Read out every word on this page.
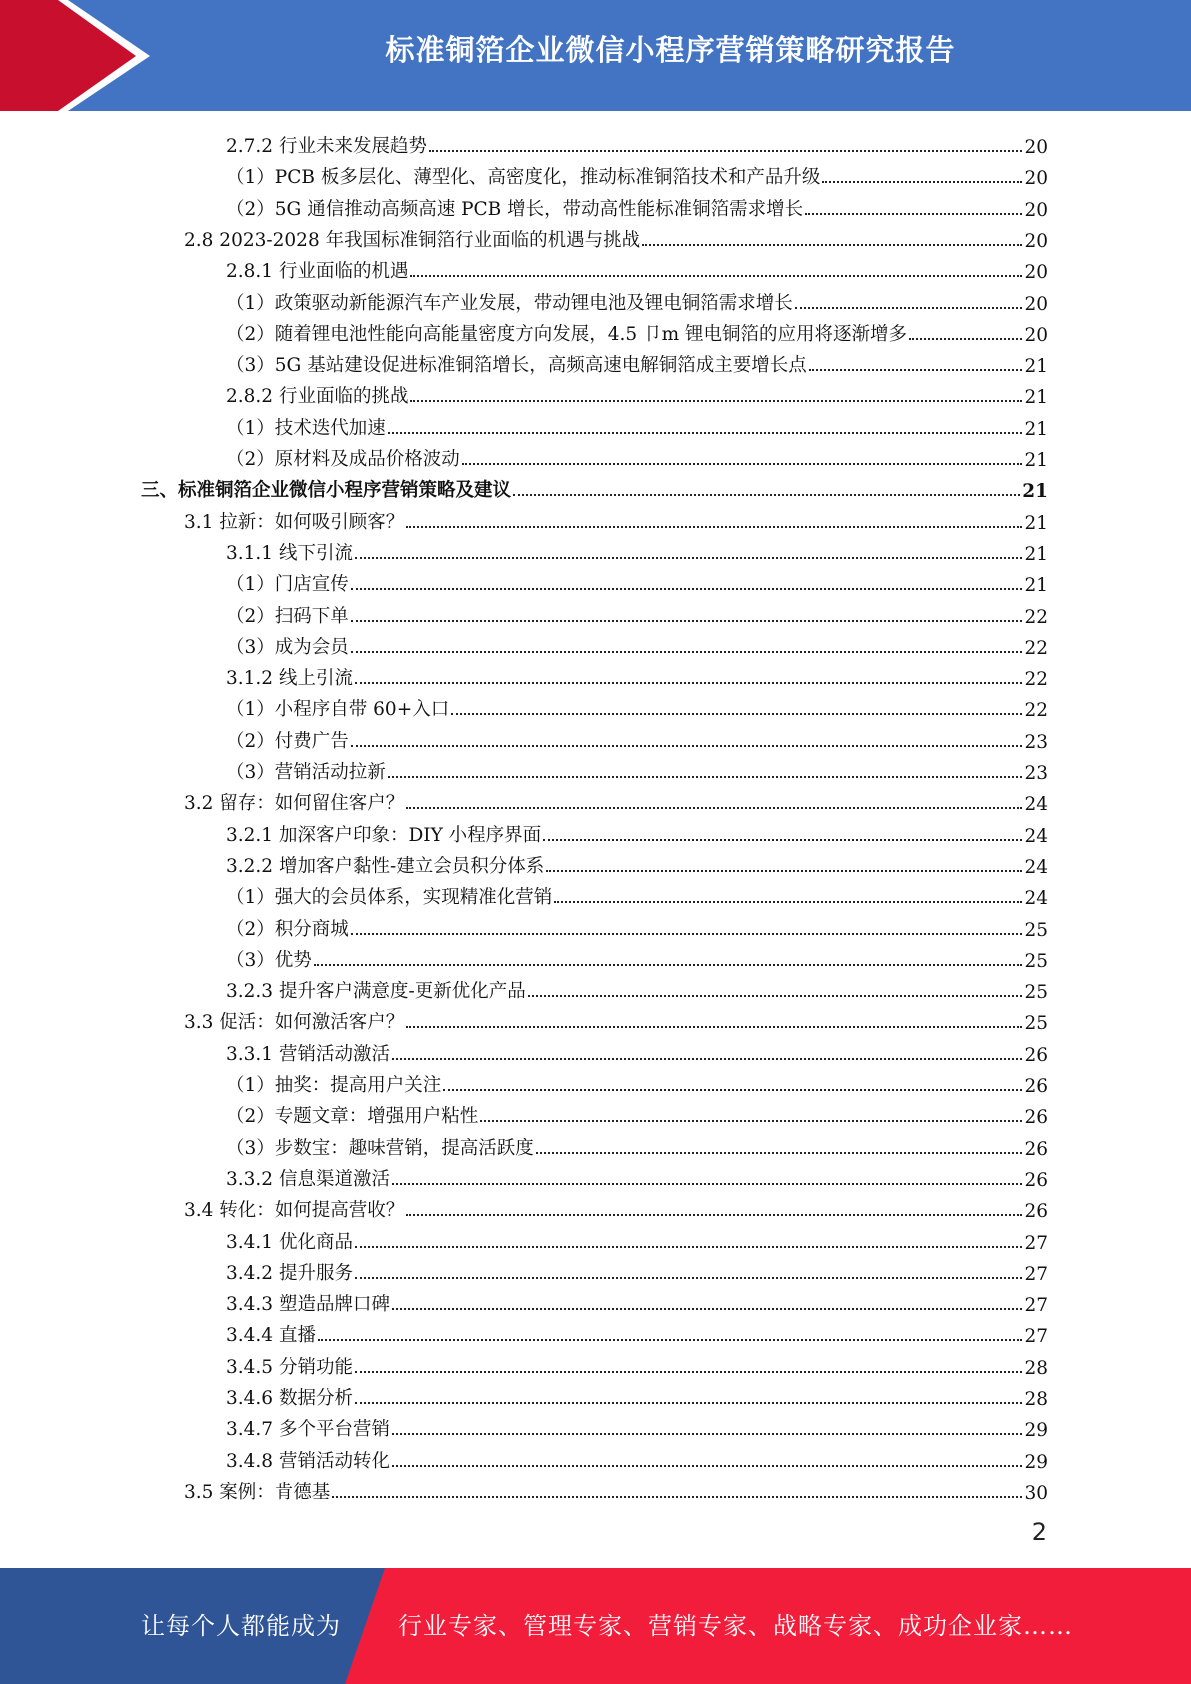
标准铜箔企业微信小程序营销策略研究报告
2.7.2 行业未来发展趋势	20
（1）PCB 板多层化、薄型化、高密度化，推动标准铜箔技术和产品升级	20
（2）5G 通信推动高频高速 PCB 增长，带动高性能标准铜箔需求增长	20
2.8 2023-2028 年我国标准铜箔行业面临的机遇与挑战	20
2.8.1 行业面临的机遇	20
（1）政策驱动新能源汽车产业发展，带动锂电池及锂电铜箔需求增长	20
（2）随着锂电池性能向高能量密度方向发展，4.5 卩m 锂电铜箔的应用将逐渐增多	20
（3）5G 基站建设促进标准铜箔增长，高频高速电解铜箔成主要增长点	21
2.8.2 行业面临的挑战	21
（1）技术迭代加速	21
（2）原材料及成品价格波动	21
三、标准铜箔企业微信小程序营销策略及建议	21
3.1 拉新：如何吸引顾客？	21
3.1.1 线下引流	21
（1）门店宣传	21
（2）扫码下单	22
（3）成为会员	22
3.1.2 线上引流	22
（1）小程序自带 60+入口	22
（2）付费广告	23
（3）营销活动拉新	23
3.2 留存：如何留住客户？	24
3.2.1 加深客户印象：DIY 小程序界面	24
3.2.2 增加客户黏性-建立会员积分体系	24
（1）强大的会员体系，实现精准化营销	24
（2）积分商城	25
（3）优势	25
3.2.3 提升客户满意度-更新优化产品	25
3.3 促活：如何激活客户？	25
3.3.1 营销活动激活	26
（1）抽奖：提高用户关注	26
（2）专题文章：增强用户粘性	26
（3）步数宝：趣味营销，提高活跃度	26
3.3.2 信息渠道激活	26
3.4 转化：如何提高营收？	26
3.4.1 优化商品	27
3.4.2 提升服务	27
3.4.3 塑造品牌口碑	27
3.4.4 直播	27
3.4.5 分销功能	28
3.4.6 数据分析	28
3.4.7 多个平台营销	29
3.4.8 营销活动转化	29
3.5 案例：肯德基	30
2
让每个人都能成为 行业专家、管理专家、营销专家、战略专家、成功企业家……
